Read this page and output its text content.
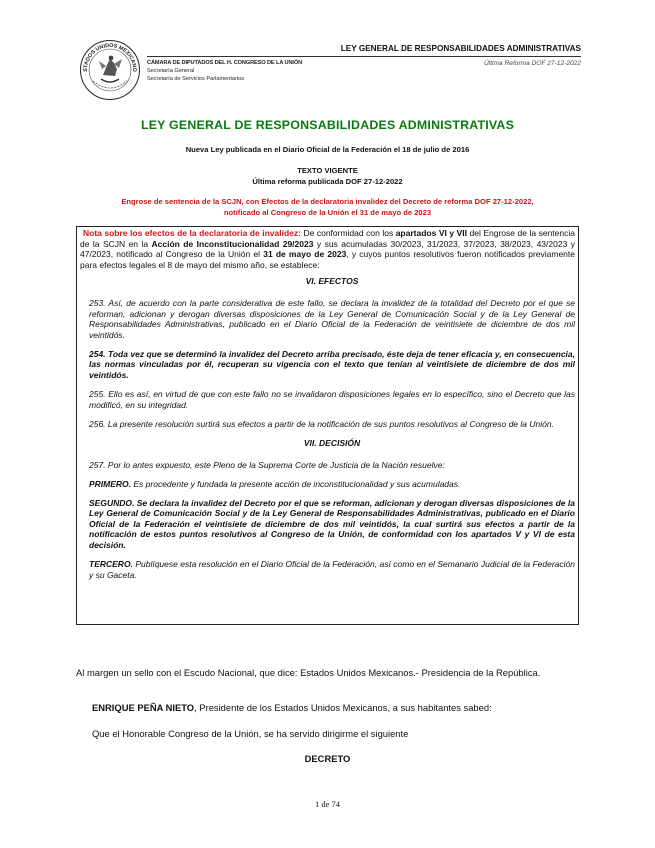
STADOS UNIDOS MEXICANO
CÁMARA DE DIPUTADOS DEL H. CONGRESO DE LA UNIÓN
Secretaría General
Secretaría de Servicios Parlamentarios
LEY GENERAL DE RESPONSABILIDADES ADMINISTRATIVAS
Última Reforma DOF 27-12-2022
LEY GENERAL DE RESPONSABILIDADES ADMINISTRATIVAS
Nueva Ley publicada en el Diario Oficial de la Federación el 18 de julio de 2016
TEXTO VIGENTE
Última reforma publicada DOF 27-12-2022
Engrose de sentencia de la SCJN, con Efectos de la declaratoria invalidez del Decreto de reforma DOF 27-12-2022,
notificado al Congreso de la Unión el 31 de mayo de 2023

Nota sobre los efectos de la declaratoria de invalidez: De conformidad con los apartados VI y VII del Engrose de la sentencia de la SCJN en la Acción de Inconstitucionalidad 29/2023 y sus acumuladas 30/2023, 31/2023, 37/2023, 38/2023, 43/2023 y 47/2023, notificado al Congreso de la Unión el 31 de mayo de 2023, y cuyos puntos resolutivos fueron notificados previamente para efectos legales el 8 de mayo del mismo año, se establece:

VI. EFECTOS

253. Así, de acuerdo con la parte considerativa de este fallo, se declara la invalidez de la totalidad del Decreto por el que se reforman, adicionan y derogan diversas disposiciones de la Ley General de Comunicación Social y de la Ley General de Responsabilidades Administrativas, publicado en el Diario Oficial de la Federación de veintisiete de diciembre de dos mil veintidós.

254. Toda vez que se determinó la invalidez del Decreto arriba precisado, éste deja de tener eficacia y, en consecuencia, las normas vinculadas por él, recuperan su vigencia con el texto que tenían al veintisiete de diciembre de dos mil veintidós.

255. Ello es así, en virtud de que con este fallo no se invalidaron disposiciones legales en lo específico, sino el Decreto que las modificó, en su integridad.

256. La presente resolución surtirá sus efectos a partir de la notificación de sus puntos resolutivos al Congreso de la Unión.

VII. DECISIÓN

257. Por lo antes expuesto, este Pleno de la Suprema Corte de Justicia de la Nación resuelve:

PRIMERO. Es procedente y fundada la presente acción de inconstitucionalidad y sus acumuladas.

SEGUNDO. Se declara la invalidez del Decreto por el que se reforman, adicionan y derogan diversas disposiciones de la Ley General de Comunicación Social y de la Ley General de Responsabilidades Administrativas, publicado en el Diario Oficial de la Federación el veintisiete de diciembre de dos mil veintidós, la cual surtirá sus efectos a partir de la notificación de estos puntos resolutivos al Congreso de la Unión, de conformidad con los apartados V y VI de esta decisión.

TERCERO. Publíquese esta resolución en el Diario Oficial de la Federación, así como en el Semanario Judicial de la Federación y su Gaceta.

Al margen un sello con el Escudo Nacional, que dice: Estados Unidos Mexicanos.- Presidencia de la República.
ENRIQUE PEÑA NIETO, Presidente de los Estados Unidos Mexicanos, a sus habitantes sabed:
Que el Honorable Congreso de la Unión, se ha servido dirigirme el siguiente
DECRETO
1 de 74
